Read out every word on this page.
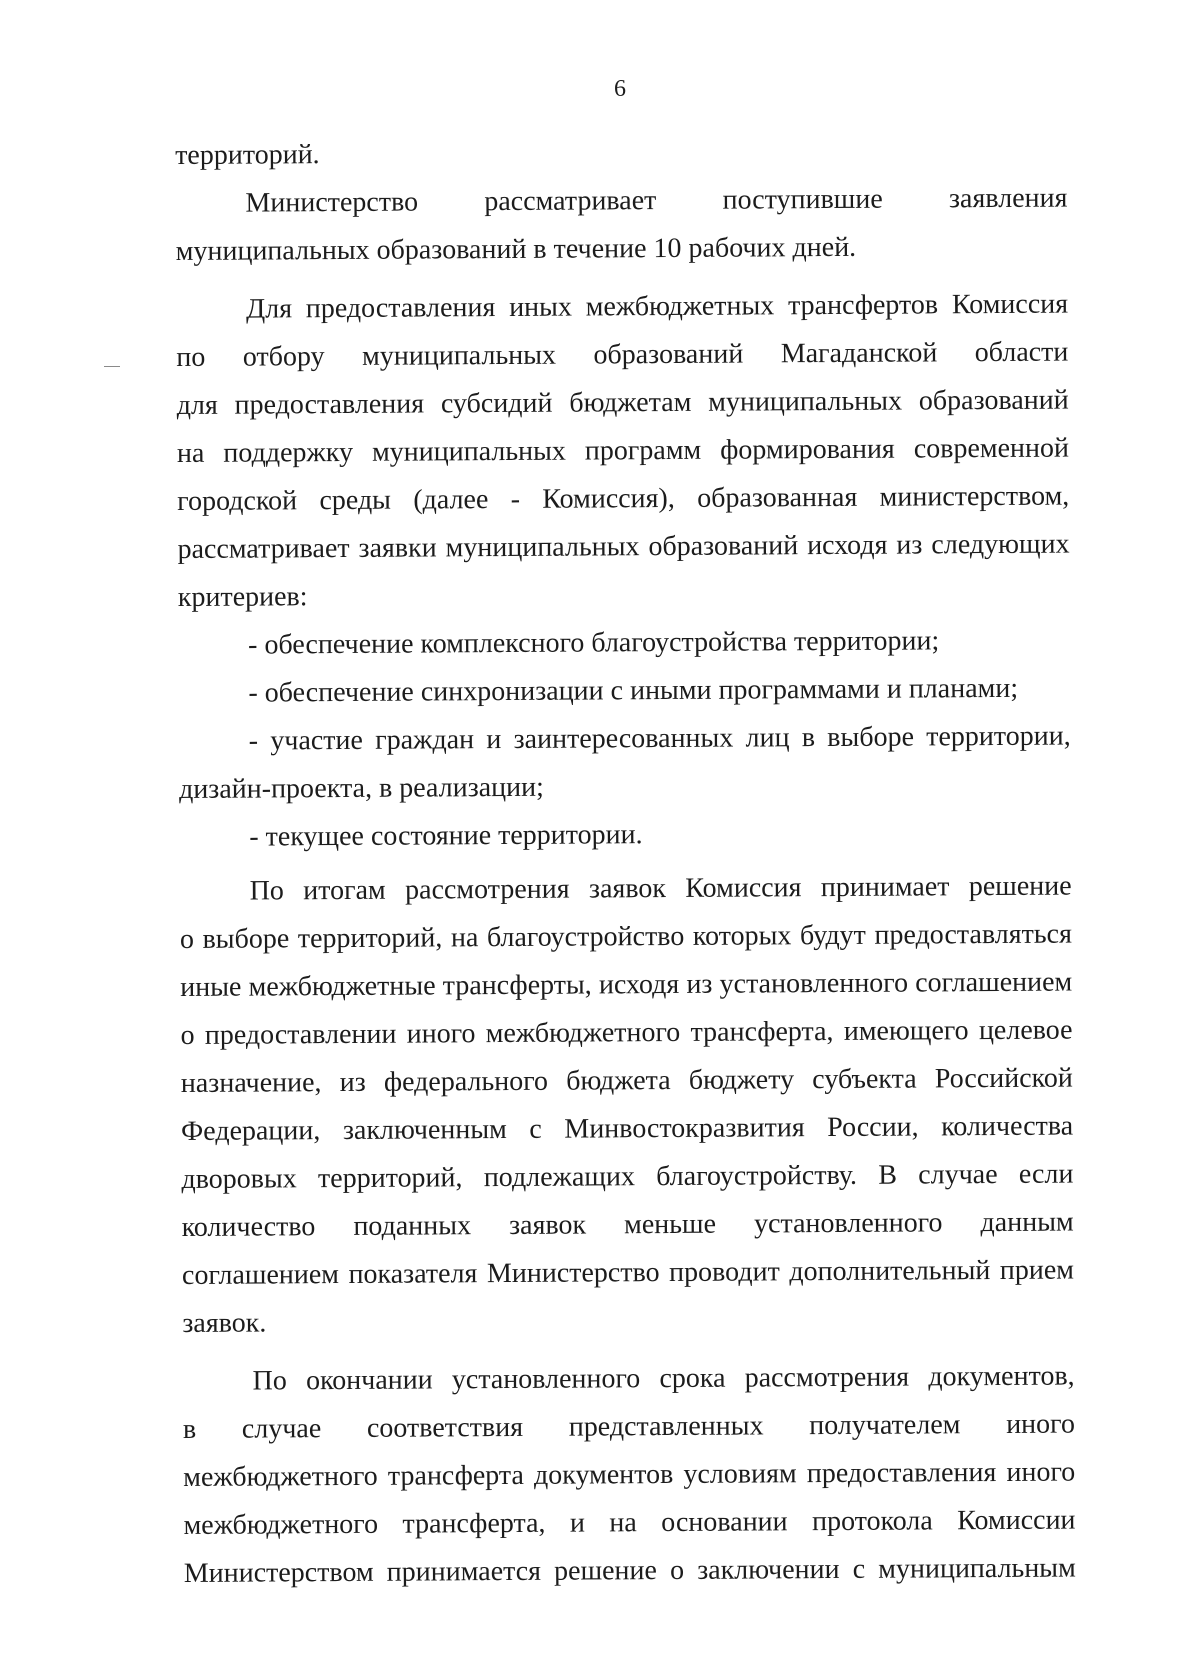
6
территорий.
Министерство рассматривает поступившие заявления
муниципальных образований в течение 10 рабочих дней.
Для предоставления иных межбюджетных трансфертов Комиссия
по отбору муниципальных образований Магаданской области
для предоставления субсидий бюджетам муниципальных образований
на поддержку муниципальных программ формирования современной
городской среды (далее - Комиссия), образованная министерством,
рассматривает заявки муниципальных образований исходя из следующих
критериев:
- обеспечение комплексного благоустройства территории;
- обеспечение синхронизации с иными программами и планами;
- участие граждан и заинтересованных лиц в выборе территории,
дизайн-проекта, в реализации;
- текущее состояние территории.
По итогам рассмотрения заявок Комиссия принимает решение
о выборе территорий, на благоустройство которых будут предоставляться
иные межбюджетные трансферты, исходя из установленного соглашением
о предоставлении иного межбюджетного трансферта, имеющего целевое
назначение, из федерального бюджета бюджету субъекта Российской
Федерации, заключенным с Минвостокразвития России, количества
дворовых территорий, подлежащих благоустройству. В случае если
количество поданных заявок меньше установленного данным
соглашением показателя Министерство проводит дополнительный прием
заявок.
По окончании установленного срока рассмотрения документов,
в случае соответствия представленных получателем иного
межбюджетного трансферта документов условиям предоставления иного
межбюджетного трансферта, и на основании протокола Комиссии
Министерством принимается решение о заключении с муниципальным
